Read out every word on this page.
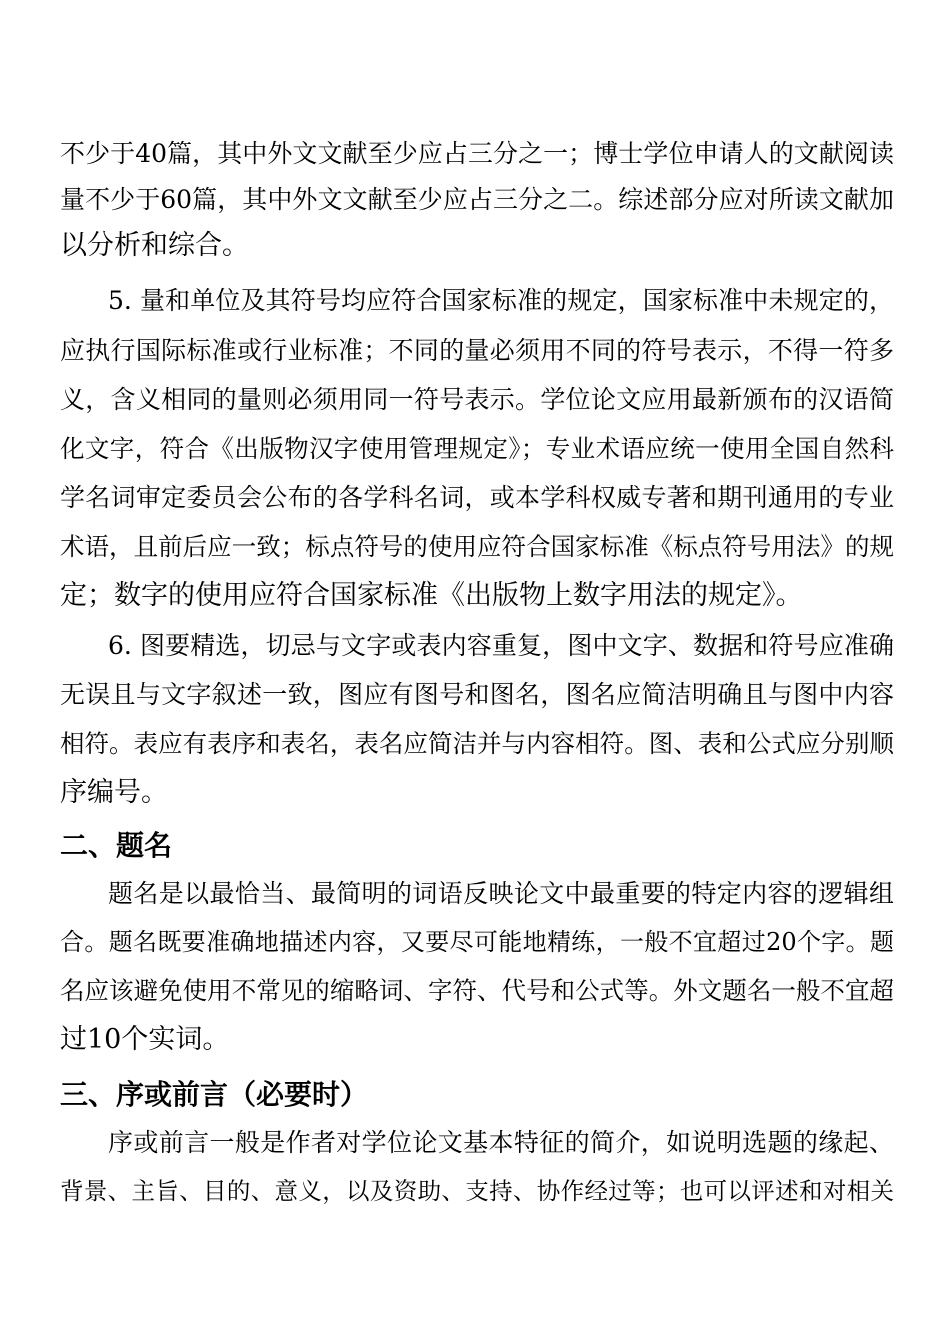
不少于40篇，其中外文文献至少应占三分之一；博士学位申请人的文献阅读
量不少于60篇，其中外文文献至少应占三分之二。综述部分应对所读文献加
以分析和综合。
5. 量和单位及其符号均应符合国家标准的规定，国家标准中未规定的，
应执行国际标准或行业标准；不同的量必须用不同的符号表示，不得一符多
义，含义相同的量则必须用同一符号表示。学位论文应用最新颁布的汉语简
化文字，符合《出版物汉字使用管理规定》；专业术语应统一使用全国自然科
学名词审定委员会公布的各学科名词，或本学科权威专著和期刊通用的专业
术语，且前后应一致；标点符号的使用应符合国家标准《标点符号用法》的规
定；数字的使用应符合国家标准《出版物上数字用法的规定》。
6. 图要精选，切忌与文字或表内容重复，图中文字、数据和符号应准确
无误且与文字叙述一致，图应有图号和图名，图名应简洁明确且与图中内容
相符。表应有表序和表名，表名应简洁并与内容相符。图、表和公式应分别顺
序编号。
二、题名
题名是以最恰当、最简明的词语反映论文中最重要的特定内容的逻辑组
合。题名既要准确地描述内容，又要尽可能地精练，一般不宜超过20个字。题
名应该避免使用不常见的缩略词、字符、代号和公式等。外文题名一般不宜超
过10个实词。
三、序或前言（必要时）
序或前言一般是作者对学位论文基本特征的简介，如说明选题的缘起、
背景、主旨、目的、意义，以及资助、支持、协作经过等；也可以评述和对相关
